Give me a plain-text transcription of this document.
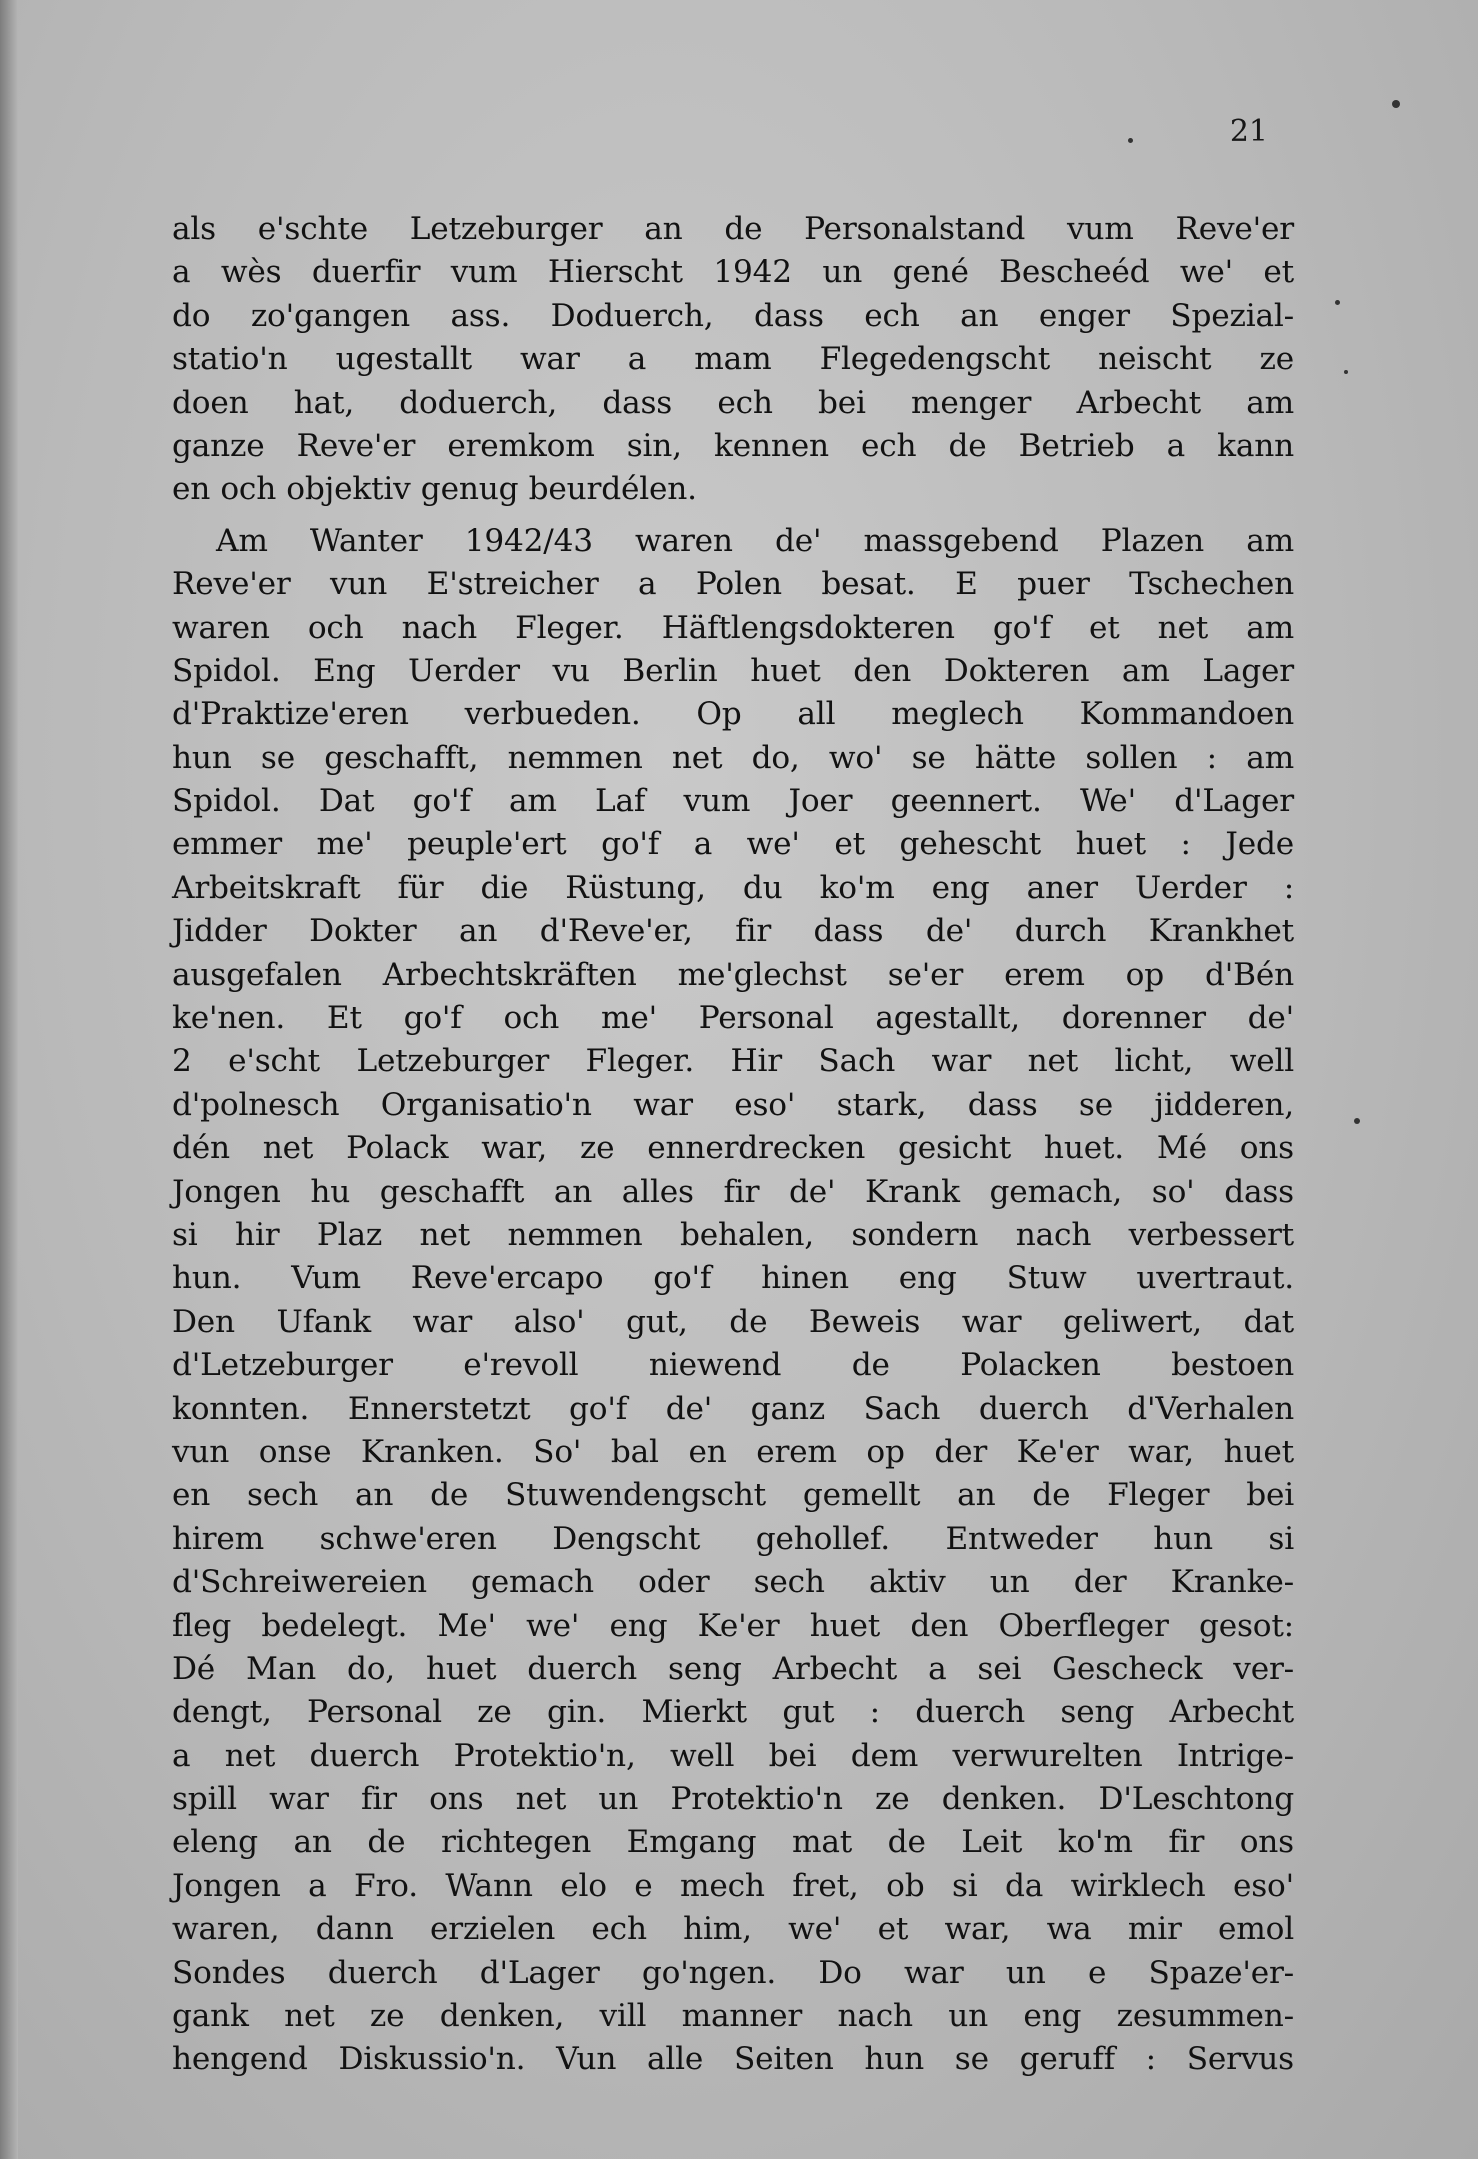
21
als e'schte Letzeburger an de Personalstand vum Reve'er
a wès duerfir vum Hierscht 1942 un gené Bescheéd we' et
do zo'gangen ass. Doduerch, dass ech an enger Spezial-
statio'n ugestallt war a mam Flegedengscht neischt ze
doen hat, doduerch, dass ech bei menger Arbecht am
ganze Reve'er eremkom sin, kennen ech de Betrieb a kann
en och objektiv genug beurdélen.
Am Wanter 1942/43 waren de' massgebend Plazen am
Reve'er vun E'streicher a Polen besat. E puer Tschechen
waren och nach Fleger. Häftlengsdokteren go'f et net am
Spidol. Eng Uerder vu Berlin huet den Dokteren am Lager
d'Praktize'eren verbueden. Op all meglech Kommandoen
hun se geschafft, nemmen net do, wo' se hätte sollen : am
Spidol. Dat go'f am Laf vum Joer geennert. We' d'Lager
emmer me' peuple'ert go'f a we' et gehescht huet : Jede
Arbeitskraft für die Rüstung, du ko'm eng aner Uerder :
Jidder Dokter an d'Reve'er, fir dass de' durch Krankhet
ausgefalen Arbechtskräften me'glechst se'er erem op d'Bén
ke'nen. Et go'f och me' Personal agestallt, dorenner de'
2 e'scht Letzeburger Fleger. Hir Sach war net licht, well
d'polnesch Organisatio'n war eso' stark, dass se jidderen,
dén net Polack war, ze ennerdrecken gesicht huet. Mé ons
Jongen hu geschafft an alles fir de' Krank gemach, so' dass
si hir Plaz net nemmen behalen, sondern nach verbessert
hun. Vum Reve'ercapo go'f hinen eng Stuw uvertraut.
Den Ufank war also' gut, de Beweis war geliwert, dat
d'Letzeburger e'revoll niewend de Polacken bestoen
konnten. Ennerstetzt go'f de' ganz Sach duerch d'Verhalen
vun onse Kranken. So' bal en erem op der Ke'er war, huet
en sech an de Stuwendengscht gemellt an de Fleger bei
hirem schwe'eren Dengscht gehollef. Entweder hun si
d'Schreiwereien gemach oder sech aktiv un der Kranke-
fleg bedelegt. Me' we' eng Ke'er huet den Oberfleger gesot:
Dé Man do, huet duerch seng Arbecht a sei Gescheck ver-
dengt, Personal ze gin. Mierkt gut : duerch seng Arbecht
a net duerch Protektio'n, well bei dem verwurelten Intrige-
spill war fir ons net un Protektio'n ze denken. D'Leschtong
eleng an de richtegen Emgang mat de Leit ko'm fir ons
Jongen a Fro. Wann elo e mech fret, ob si da wirklech eso'
waren, dann erzielen ech him, we' et war, wa mir emol
Sondes duerch d'Lager go'ngen. Do war un e Spaze'er-
gank net ze denken, vill manner nach un eng zesummen-
hengend Diskussio'n. Vun alle Seiten hun se geruff : Servus
